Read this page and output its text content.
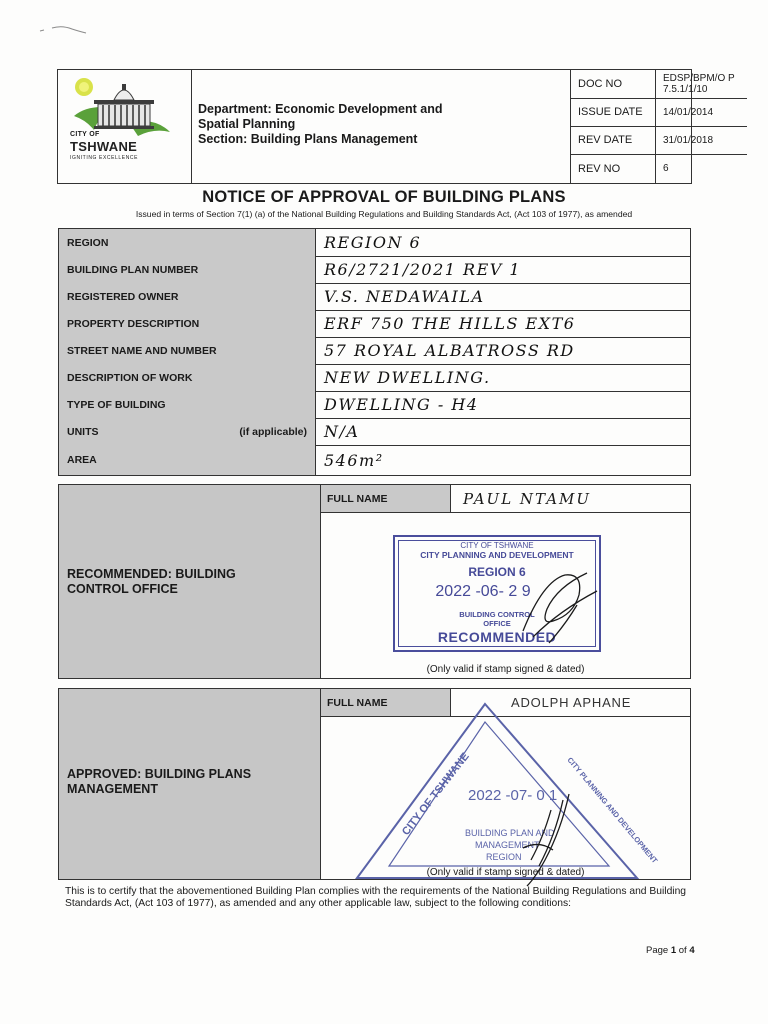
CITY OF
TSHWANE
IGNITING EXCELLENCE
Department: Economic Development and
Spatial Planning
Section: Building Plans Management
DOC NO	EDSP/BPM/O P 7.5.1/1/10
ISSUE DATE	14/01/2014
REV DATE	31/01/2018
REV NO	6
NOTICE OF APPROVAL OF BUILDING PLANS
Issued in terms of Section 7(1) (a) of the National Building Regulations and Building Standards Act, (Act 103 of 1977), as amended
REGION	REGION 6
BUILDING PLAN NUMBER	R6/2721/2021 REV 1
REGISTERED OWNER	V.S. NEDAWAILA
PROPERTY DESCRIPTION	ERF 750 THE HILLS EXT6
STREET NAME AND NUMBER	57 ROYAL ALBATROSS RD
DESCRIPTION OF WORK	NEW DWELLING.
TYPE OF BUILDING	DWELLING - H4
UNITS	(if applicable) N/A
AREA	546m²
RECOMMENDED: BUILDING
CONTROL OFFICE
FULL NAME	PAUL NTAMU
(Only valid if stamp signed & dated)
CITY OF TSHWANE
CITY PLANNING AND DEVELOPMENT
REGION 6
2022 -06- 2 9
BUILDING CONTROL
OFFICE
RECOMMENDED
APPROVED: BUILDING PLANS
MANAGEMENT
FULL NAME	ADOLPH APHANE
(Only valid if stamp signed & dated)
CITY OF TSHWANE	CITY PLANNING AND DEVELOPMENT
2022 -07- 0 1
BUILDING PLAN AND
MANAGEMENT
REGION
This is to certify that the abovementioned Building Plan complies with the requirements of the National Building Regulations and Building Standards Act, (Act 103 of 1977), as amended and any other applicable law, subject to the following conditions:
Page 1 of 4
